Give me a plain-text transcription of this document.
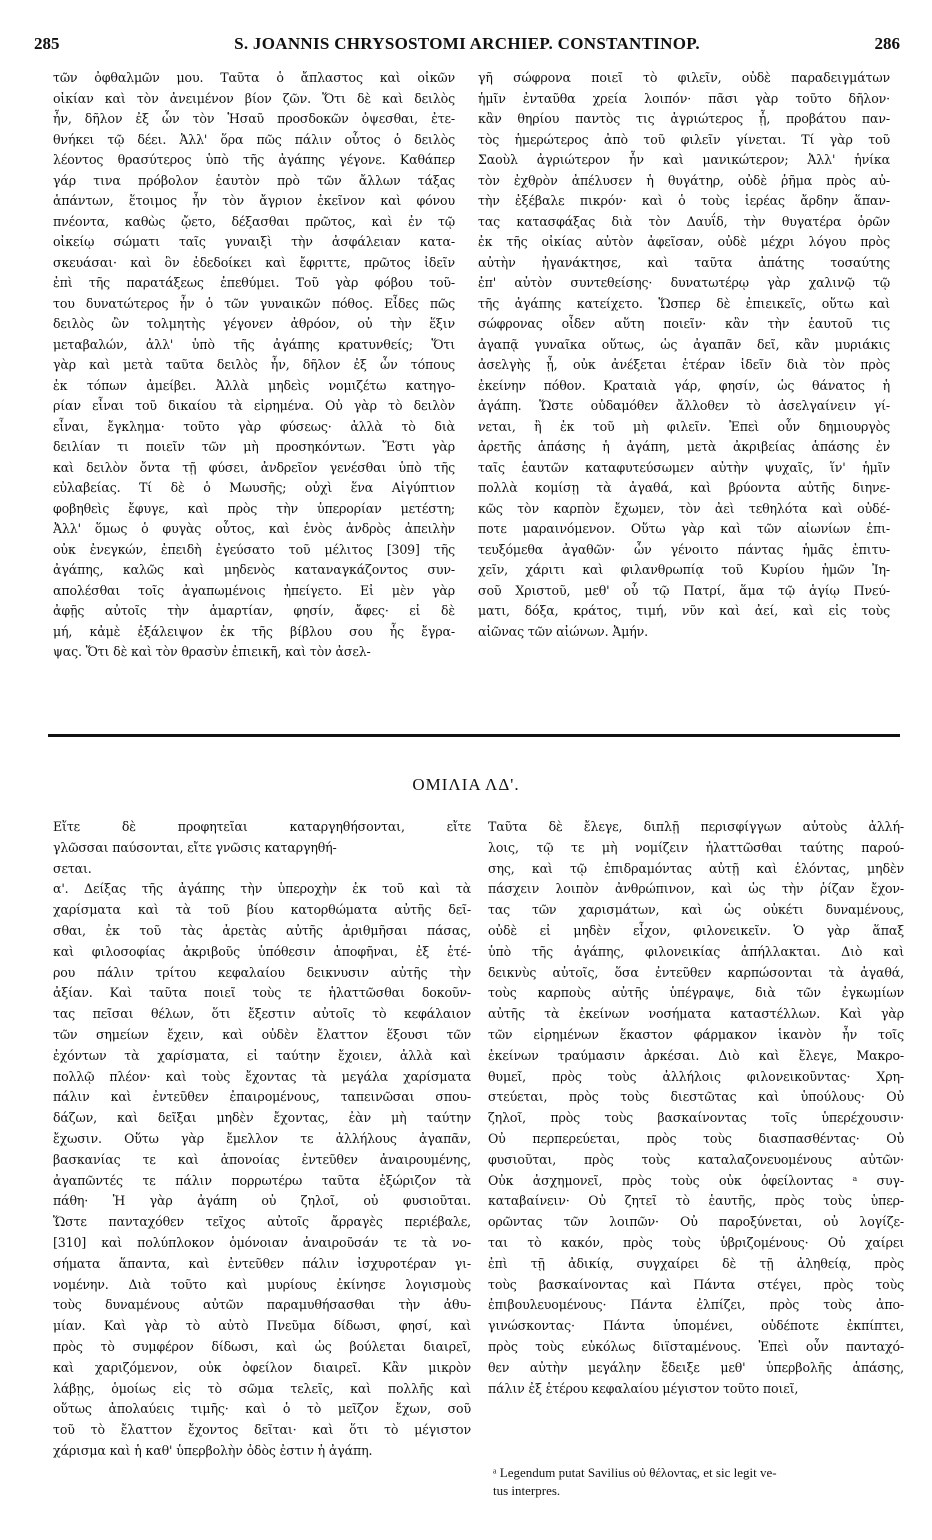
285	S. JOANNIS CHRYSOSTOMI ARCHIEP. CONSTANTINOP.	286
τῶν ὀφθαλμῶν μου. Ταῦτα ὁ ἄπλαστος καὶ οἰκῶν
οἰκίαν καὶ τὸν ἀνειμένον βίον ζῶν. Ὅτι δὲ καὶ δειλὸς
ἦν, δῆλον ἐξ ὧν τὸν Ἡσαῦ προσδοκῶν ὀψεσθαι, ἐτε-
θνήκει τῷ δέει. Ἀλλ' ὅρα πῶς πάλιν οὗτος ὁ δειλὸς
λέοντος θρασύτερος ὑπὸ τῆς ἀγάπης γέγονε. Καθάπερ
γάρ τινα πρόβολον ἑαυτὸν πρὸ τῶν ἄλλων τάξας
ἁπάντων, ἕτοιμος ἦν τὸν ἄγριον ἐκεῖνον καὶ φόνου
πνέοντα, καθὼς ᾤετο, δέξασθαι πρῶτος, καὶ ἐν τῷ
οἰκείῳ σώματι ταῖς γυναιξὶ τὴν ἀσφάλειαν κατα-
σκευάσαι· καὶ ὃν ἐδεδοίκει καὶ ἔφριττε, πρῶτος ἰδεῖν
ἐπὶ τῆς παρατάξεως ἐπεθύμει. Τοῦ γὰρ φόβου τοῦ-
του δυνατώτερος ἦν ὁ τῶν γυναικῶν πόθος. Εἶδες πῶς
δειλὸς ὢν τολμητὴς γέγονεν ἀθρόον, οὐ τὴν ἕξιν
μεταβαλών, ἀλλ' ὑπὸ τῆς ἀγάπης κρατυνθείς; Ὅτι
γὰρ καὶ μετὰ ταῦτα δειλὸς ἦν, δῆλον ἐξ ὧν τόπους
ἐκ τόπων ἀμείβει. Ἀλλὰ μηδεὶς νομιζέτω κατηγο-
ρίαν εἶναι τοῦ δικαίου τὰ εἰρημένα. Οὐ γὰρ τὸ δειλὸν
εἶναι, ἔγκλημα· τοῦτο γὰρ φύσεως· ἀλλὰ τὸ διὰ
δειλίαν τι ποιεῖν τῶν μὴ προσηκόντων. Ἔστι γὰρ
καὶ δειλὸν ὄντα τῇ φύσει, ἀνδρεῖον γενέσθαι ὑπὸ τῆς
εὐλαβείας. Τί δὲ ὁ Μωυσῆς; οὐχὶ ἕνα Αἰγύπτιον
φοβηθεὶς ἔφυγε, καὶ πρὸς τὴν ὑπερορίαν μετέστη;
Ἀλλ' ὅμως ὁ φυγὰς οὗτος, καὶ ἑνὸς ἀνδρὸς ἀπειλὴν
οὐκ ἐνεγκών, ἐπειδὴ ἐγεύσατο τοῦ μέλιτος [309] τῆς
ἀγάπης, καλῶς καὶ μηδενὸς καταναγκάζοντος συν-
απολέσθαι τοῖς ἀγαπωμένοις ἠπείγετο. Εἰ μὲν γὰρ
ἀφῇς αὐτοῖς τὴν ἁμαρτίαν, φησίν, ἄφες· εἰ δὲ
μή, κἀμὲ ἐξάλειψον ἐκ τῆς βίβλου σου ἧς ἔγρα-
ψας. Ὅτι δὲ καὶ τὸν θρασὺν ἐπιεικῆ, καὶ τὸν ἀσελ-
γῆ σώφρονα ποιεῖ τὸ φιλεῖν, οὐδὲ παραδειγμάτων
ἡμῖν ἐνταῦθα χρεία λοιπόν· πᾶσι γὰρ τοῦτο δῆλον·
κἂν θηρίου παντὸς τις ἀγριώτερος ᾖ, προβάτου παν-
τὸς ἡμερώτερος ἀπὸ τοῦ φιλεῖν γίνεται. Τί γὰρ τοῦ
Σαοὺλ ἀγριώτερον ἦν καὶ μανικώτερον; Ἀλλ' ἡνίκα
τὸν ἐχθρὸν ἀπέλυσεν ἡ θυγάτηρ, οὐδὲ ῥῆμα πρὸς αὐ-
τὴν ἐξέβαλε πικρόν· καὶ ὁ τοὺς ἱερέας ἄρδην ἅπαν-
τας κατασφάξας διὰ τὸν Δαυΐδ, τὴν θυγατέρα ὁρῶν
ἐκ τῆς οἰκίας αὐτὸν ἀφεῖσαν, οὐδὲ μέχρι λόγου πρὸς
αὐτὴν ἠγανάκτησε, καὶ ταῦτα ἀπάτης τοσαύτης
ἐπ' αὐτὸν συντεθείσης· δυνατωτέρῳ γὰρ χαλινῷ τῷ
τῆς ἀγάπης κατείχετο. Ὥσπερ δὲ ἐπιεικεῖς, οὕτω καὶ
σώφρονας οἶδεν αὕτη ποιεῖν· κἂν τὴν ἑαυτοῦ τις
ἀγαπᾷ γυναῖκα οὕτως, ὡς ἀγαπᾶν δεῖ, κἂν μυριάκις
ἀσελγὴς ᾖ, οὐκ ἀνέξεται ἑτέραν ἰδεῖν διὰ τὸν πρὸς
ἐκείνην πόθον. Κραταιὰ γάρ, φησίν, ὡς θάνατος ἡ
ἀγάπη. Ὥστε οὐδαμόθεν ἄλλοθεν τὸ ἀσελγαίνειν γί-
νεται, ἢ ἐκ τοῦ μὴ φιλεῖν. Ἐπεὶ οὖν δημιουργὸς
ἀρετῆς ἁπάσης ἡ ἀγάπη, μετὰ ἀκριβείας ἁπάσης ἐν
ταῖς ἑαυτῶν καταφυτεύσωμεν αὐτὴν ψυχαῖς, ἵν' ἡμῖν
πολλὰ κομίσῃ τὰ ἀγαθά, καὶ βρύοντα αὐτῆς διηνε-
κῶς τὸν καρπὸν ἔχωμεν, τὸν ἀεὶ τεθηλότα καὶ οὐδέ-
ποτε μαραινόμενον. Οὕτω γὰρ καὶ τῶν αἰωνίων ἐπι-
τευξόμεθα ἀγαθῶν· ὧν γένοιτο πάντας ἡμᾶς ἐπιτυ-
χεῖν, χάριτι καὶ φιλανθρωπίᾳ τοῦ Κυρίου ἡμῶν Ἰη-
σοῦ Χριστοῦ, μεθ' οὗ τῷ Πατρί, ἅμα τῷ ἁγίῳ Πνεύ-
ματι, δόξα, κράτος, τιμή, νῦν καὶ ἀεί, καὶ εἰς τοὺς
αἰῶνας τῶν αἰώνων. Ἀμήν.
ΟΜΙΛΙΑ ΛΔ'.
Εἴτε δὲ προφητεῖαι καταργηθήσονται, εἴτε
γλῶσσαι παύσονται, εἴτε γνῶσις καταργηθή-
σεται.
α'. Δείξας τῆς ἀγάπης τὴν ὑπεροχὴν ἐκ τοῦ καὶ τὰ
χαρίσματα καὶ τὰ τοῦ βίου κατορθώματα αὐτῆς δεῖ-
σθαι, ἐκ τοῦ τὰς ἀρετὰς αὐτῆς ἀριθμῆσαι πάσας,
καὶ φιλοσοφίας ἀκριβοῦς ὑπόθεσιν ἀποφῆναι, ἐξ ἑτέ-
ρου πάλιν τρίτου κεφαλαίου δεικνυσιν αὐτῆς τὴν
ἀξίαν. Καὶ ταῦτα ποιεῖ τοὺς τε ἡλαττῶσθαι δοκοῦν-
τας πεῖσαι θέλων, ὅτι ἔξεστιν αὐτοῖς τὸ κεφάλαιον
τῶν σημείων ἔχειν, καὶ οὐδὲν ἔλαττον ἕξουσι τῶν
ἐχόντων τὰ χαρίσματα, εἰ ταύτην ἔχοιεν, ἀλλὰ καὶ
πολλῷ πλέον· καὶ τοὺς ἔχοντας τὰ μεγάλα χαρίσματα
πάλιν καὶ ἐντεῦθεν ἐπαιρομένους, ταπεινῶσαι σπου-
δάζων, καὶ δεῖξαι μηδὲν ἔχοντας, ἐὰν μὴ ταύτην
ἔχωσιν. Οὕτω γὰρ ἔμελλον τε ἀλλήλους ἀγαπᾶν,
βασκανίας τε καὶ ἀπονοίας ἐντεῦθεν ἀναιρουμένης,
ἀγαπῶντές τε πάλιν πορρωτέρω ταῦτα ἐξώριζον τὰ
πάθη· Ἡ γὰρ ἀγάπη οὐ ζηλοῖ, οὐ φυσιοῦται.
Ὥστε πανταχόθεν τεῖχος αὐτοῖς ἄρραγὲς περιέβαλε,
[310] καὶ πολύπλοκον ὁμόνοιαν ἀναιροῦσάν τε τὰ νο-
σήματα ἅπαντα, καὶ ἐντεῦθεν πάλιν ἰσχυροτέραν γι-
νομένην. Διὰ τοῦτο καὶ μυρίους ἐκίνησε λογισμοὺς
τοὺς δυναμένους αὐτῶν παραμυθήσασθαι τὴν ἀθυ-
μίαν. Καὶ γὰρ τὸ αὐτὸ Πνεῦμα δίδωσι, φησί, καὶ
πρὸς τὸ συμφέρον δίδωσι, καὶ ὡς βούλεται διαιρεῖ,
καὶ χαριζόμενον, οὐκ ὀφείλον διαιρεῖ. Κἂν μικρὸν
λάβῃς, ὁμοίως εἰς τὸ σῶμα τελεῖς, καὶ πολλῆς καὶ
οὕτως ἀπολαύεις τιμῆς· καὶ ὁ τὸ μεῖζον ἔχων, σοῦ
τοῦ τὸ ἔλαττον ἔχοντος δεῖται· καὶ ὅτι τὸ μέγιστον
χάρισμα καὶ ἡ καθ' ὑπερβολὴν ὁδὸς ἐστιν ἡ ἀγάπη.
Ταῦτα δὲ ἔλεγε, διπλῇ περισφίγγων αὐτοὺς ἀλλή-
λοις, τῷ τε μὴ νομίζειν ἠλαττῶσθαι ταύτης παρού-
σης, καὶ τῷ ἐπιδραμόντας αὐτῇ καὶ ἑλόντας, μηδὲν
πάσχειν λοιπὸν ἀνθρώπινον, καὶ ὡς τὴν ῥίζαν ἔχον-
τας τῶν χαρισμάτων, καὶ ὡς οὐκέτι δυναμένους,
οὐδὲ εἰ μηδὲν εἶχον, φιλονεικεῖν. Ὁ γὰρ ἅπαξ
ὑπὸ τῆς ἀγάπης, φιλονεικίας ἀπήλλακται. Διὸ καὶ
δεικνὺς αὐτοῖς, ὅσα ἐντεῦθεν καρπώσονται τὰ ἀγαθά,
τοὺς καρποὺς αὐτῆς ὑπέγραψε, διὰ τῶν ἐγκωμίων
αὐτῆς τὰ ἐκείνων νοσήματα καταστέλλων. Καὶ γὰρ
τῶν εἰρημένων ἕκαστον φάρμακον ἱκανὸν ἦν τοῖς
ἐκείνων τραύμασιν ἀρκέσαι. Διὸ καὶ ἔλεγε, Μακρο-
θυμεῖ, πρὸς τοὺς ἀλλήλοις φιλονεικοῦντας· Χρη-
στεύεται, πρὸς τοὺς διεστῶτας καὶ ὑπούλους· Οὐ
ζηλοῖ, πρὸς τοὺς βασκαίνοντας τοῖς ὑπερέχουσιν·
Οὐ περπερεύεται, πρὸς τοὺς διασπασθέντας· Οὐ
φυσιοῦται, πρὸς τοὺς καταλαζονευομένους αὐτῶν·
Οὐκ ἀσχημονεῖ, πρὸς τοὺς οὐκ ὀφείλοντας ᵃ συγ-
καταβαίνειν· Οὐ ζητεῖ τὸ ἑαυτῆς, πρὸς τοὺς ὑπερ-
ορῶντας τῶν λοιπῶν· Οὐ παροξύνεται, οὐ λογίζε-
ται τὸ κακόν, πρὸς τοὺς ὑβριζομένους· Οὐ χαίρει
ἐπὶ τῇ ἀδικίᾳ, συγχαίρει δὲ τῇ ἀληθείᾳ, πρὸς
τοὺς βασκαίνοντας καὶ Πάντα στέγει, πρὸς τοὺς
ἐπιβουλευομένους· Πάντα ἐλπίζει, πρὸς τοὺς ἀπο-
γινώσκοντας· Πάντα ὑπομένει, οὐδέποτε ἐκπίπτει,
πρὸς τοὺς εὐκόλως διϊσταμένους. Ἐπεὶ οὖν πανταχό-
θεν αὐτὴν μεγάλην ἔδειξε μεθ' ὑπερβολῆς ἁπάσης,
πάλιν ἐξ ἑτέρου κεφαλαίου μέγιστον τοῦτο ποιεῖ,
ᵃ Legendum putat Savilius οὐ θέλοντας, et sic legit ve-
tus interpres.
